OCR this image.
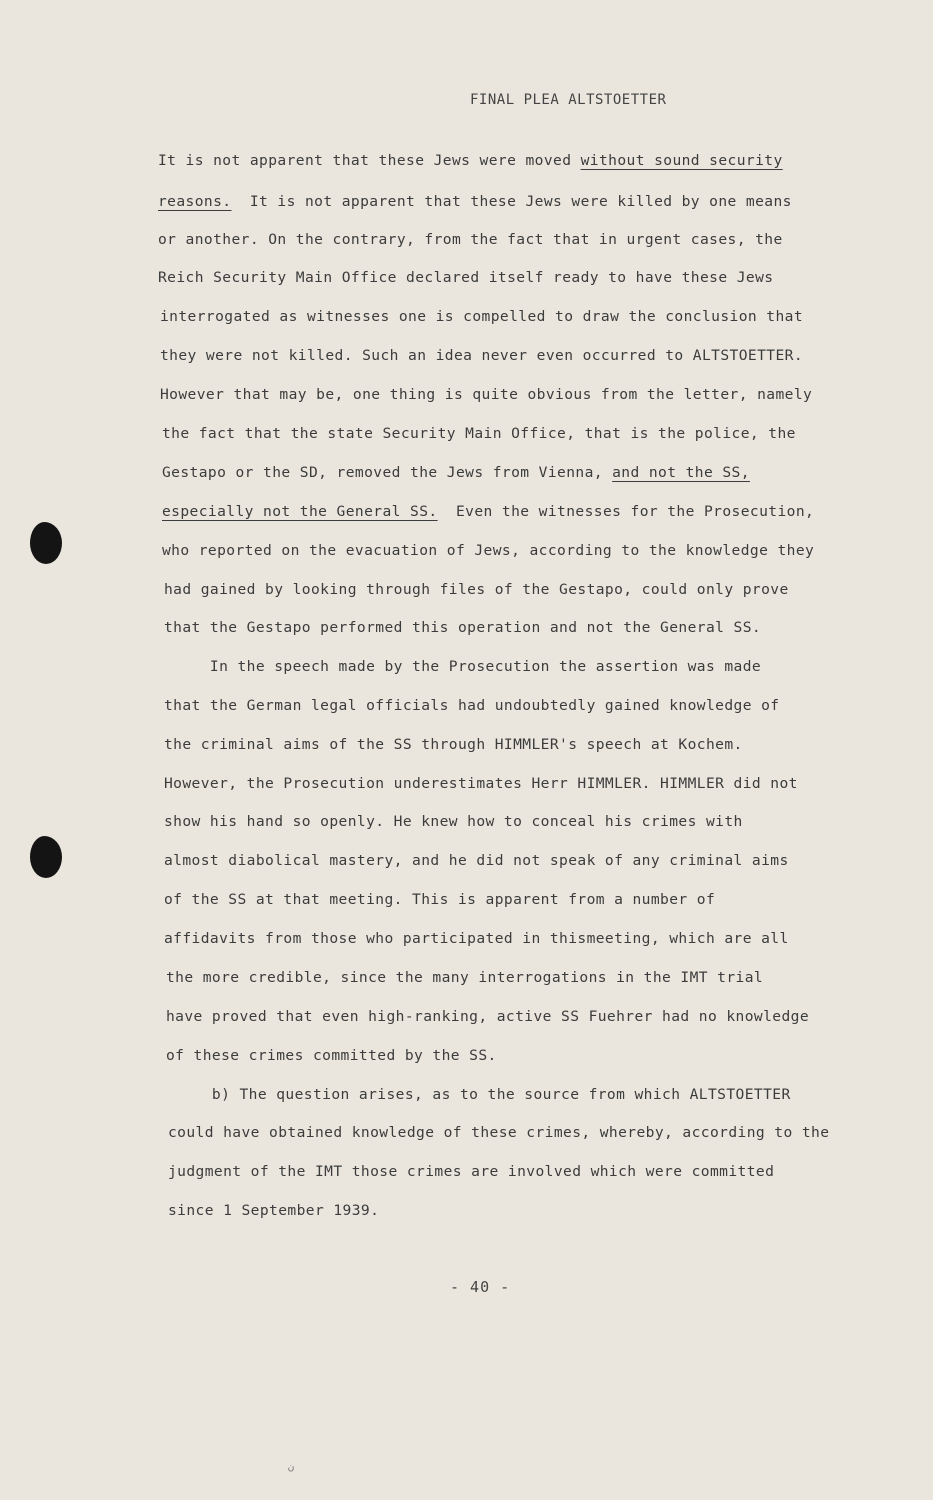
FINAL PLEA ALTSTOETTER
- 40 -
ن
It is not apparent that these Jews were moved without sound security
reasons.  It is not apparent that these Jews were killed by one means
or another. On the contrary, from the fact that in urgent cases, the
Reich Security Main Office declared itself ready to have these Jews
interrogated as witnesses one is compelled to draw the conclusion that
they were not killed. Such an idea never even occurred to ALTSTOETTER.
However that may be, one thing is quite obvious from the letter, namely
the fact that the state Security Main Office, that is the police, the
Gestapo or the SD, removed the Jews from Vienna, and not the SS,
especially not the General SS.  Even the witnesses for the Prosecution,
who reported on the evacuation of Jews, according to the knowledge they
had gained by looking through files of the Gestapo, could only prove
that the Gestapo performed this operation and not the General SS.
In the speech made by the Prosecution the assertion was made
that the German legal officials had undoubtedly gained knowledge of
the criminal aims of the SS through HIMMLER's speech at Kochem.
However, the Prosecution underestimates Herr HIMMLER. HIMMLER did not
show his hand so openly. He knew how to conceal his crimes with
almost diabolical mastery, and he did not speak of any criminal aims
of the SS at that meeting. This is apparent from a number of
affidavits from those who participated in thismeeting, which are all
the more credible, since the many interrogations in the IMT trial
have proved that even high-ranking, active SS Fuehrer had no knowledge
of these crimes committed by the SS.
b) The question arises, as to the source from which ALTSTOETTER
could have obtained knowledge of these crimes, whereby, according to the
judgment of the IMT those crimes are involved which were committed
since 1 September 1939.
